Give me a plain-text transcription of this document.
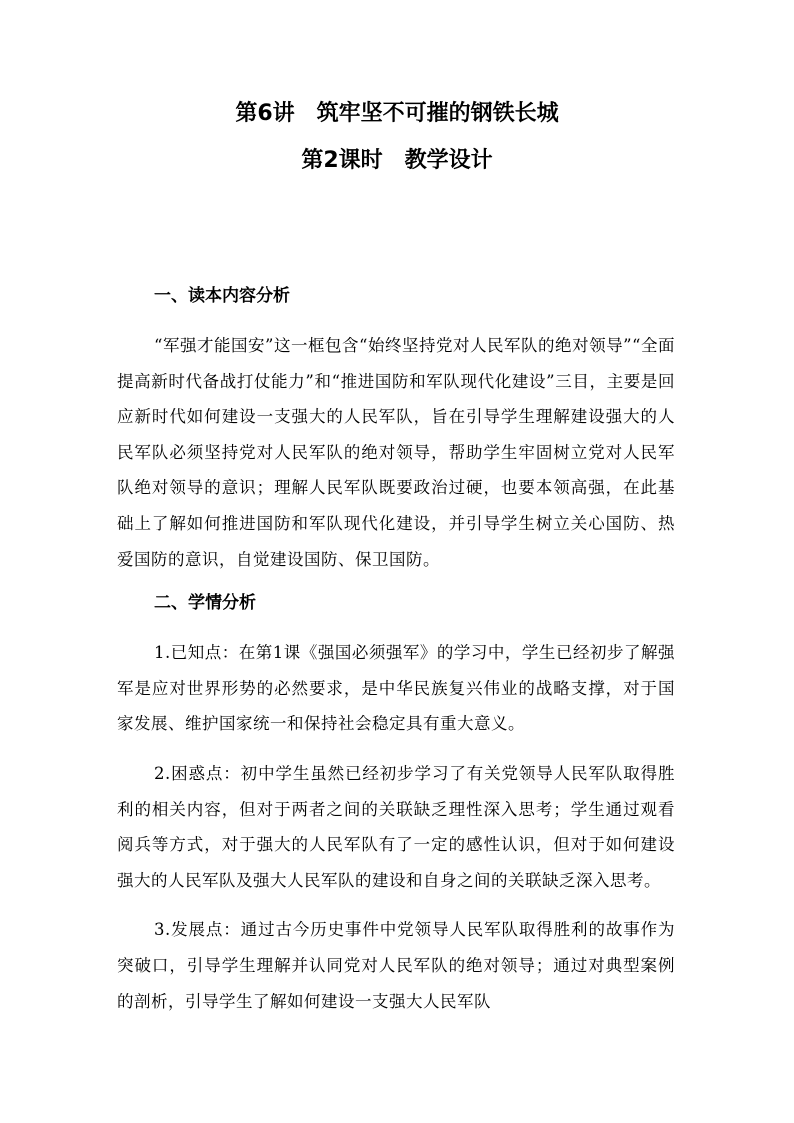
第6讲 筑牢坚不可摧的钢铁长城
第2课时 教学设计
一、读本内容分析

“军强才能国安”这一框包含“始终坚持党对人民军队的绝对领导”“全面提高新时代备战打仗能力”和“推进国防和军队现代化建设”三目，主要是回应新时代如何建设一支强大的人民军队，旨在引导学生理解建设强大的人民军队必须坚持党对人民军队的绝对领导，帮助学生牢固树立党对人民军队绝对领导的意识；理解人民军队既要政治过硬，也要本领高强，在此基础上了解如何推进国防和军队现代化建设，并引导学生树立关心国防、热爱国防的意识，自觉建设国防、保卫国防。

二、学情分析

1.已知点：在第1课《强国必须强军》的学习中，学生已经初步了解强军是应对世界形势的必然要求，是中华民族复兴伟业的战略支撑，对于国家发展、维护国家统一和保持社会稳定具有重大意义。

2.困惑点：初中学生虽然已经初步学习了有关党领导人民军队取得胜利的相关内容，但对于两者之间的关联缺乏理性深入思考；学生通过观看阅兵等方式，对于强大的人民军队有了一定的感性认识，但对于如何建设强大的人民军队及强大人民军队的建设和自身之间的关联缺乏深入思考。

3.发展点：通过古今历史事件中党领导人民军队取得胜利的故事作为突破口，引导学生理解并认同党对人民军队的绝对领导；通过对典型案例的剖析，引导学生了解如何建设一支强大人民军队
